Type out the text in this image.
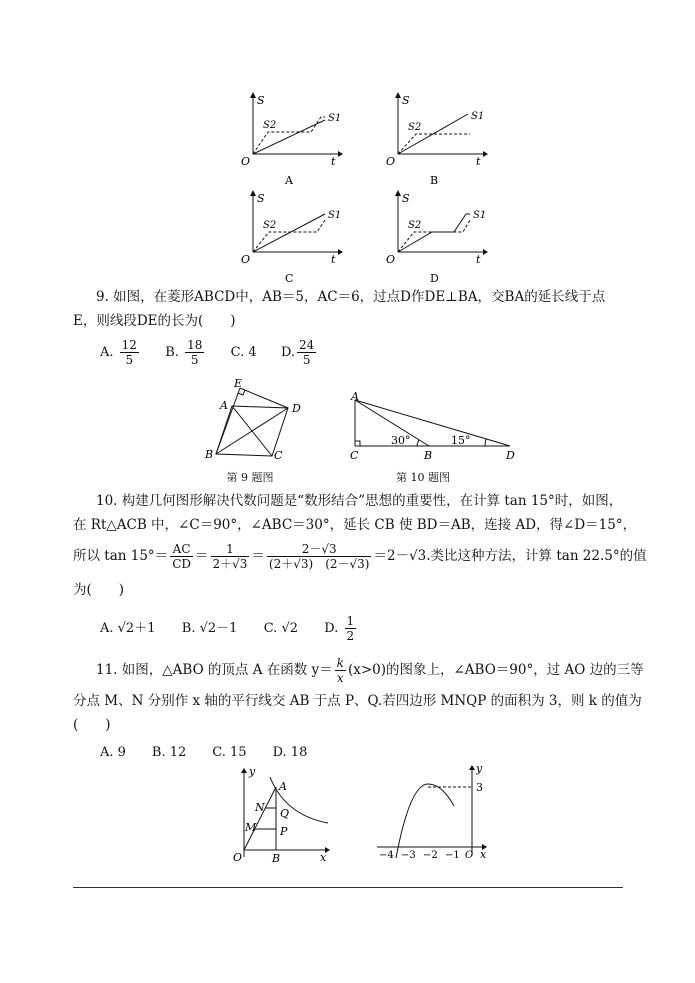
S
t
O
S1
S2
A
S
t
O
S1
S2
B
S
t
O
S1
S2
C
S
t
O
S1
S2
D
9. 如图，在菱形ABCD中，AB＝5，AC＝6，过点D作DE⊥BA，交BA的延长线于点
E，则线段DE的长为(　　)
A. $\frac{12}{5} B$. $\frac{18}{5} C$. 4 D. $\frac{24}{5}$
E
A	D
B	C
第 9 题图
A
C	B	D
30°	15°
第 10 题图
10. 构建几何图形解决代数问题是“数形结合”思想的重要性，在计算 tan 15°时，如图，
在 Rt△ACB 中，∠C＝90°，∠ABC＝30°，延长 CB 使 BD＝AB，连接 AD，得∠D＝15°，
所以 $\tan 15^\circ= \frac{AC}{CD} = \frac{1}{2+√3} = \frac{2-√3}{(2+√3) (2-√3)} =2-√3$.类比这种方法，计算 tan 22.5°的值
为(　　)
A. √2＋1 B. √2－1 C. √2 D. $\frac{1}{2}$
11. 如图，△ABO 的顶点 A 在函数 $y= \frac{k}{x} (x>0)$的图象上，∠ABO＝90°，过 AO 边的三等
分点 M、N 分别作 x 轴的平行线交 AB 于点 P、Q.若四边形 MNQP 的面积为 3，则 k 的值为
(　　)
A. 9　　B. 12　　C. 15　　D. 18
y
x
O
A
B
N Q
M P
y
x
3
−4 −3 −2 −1 O
